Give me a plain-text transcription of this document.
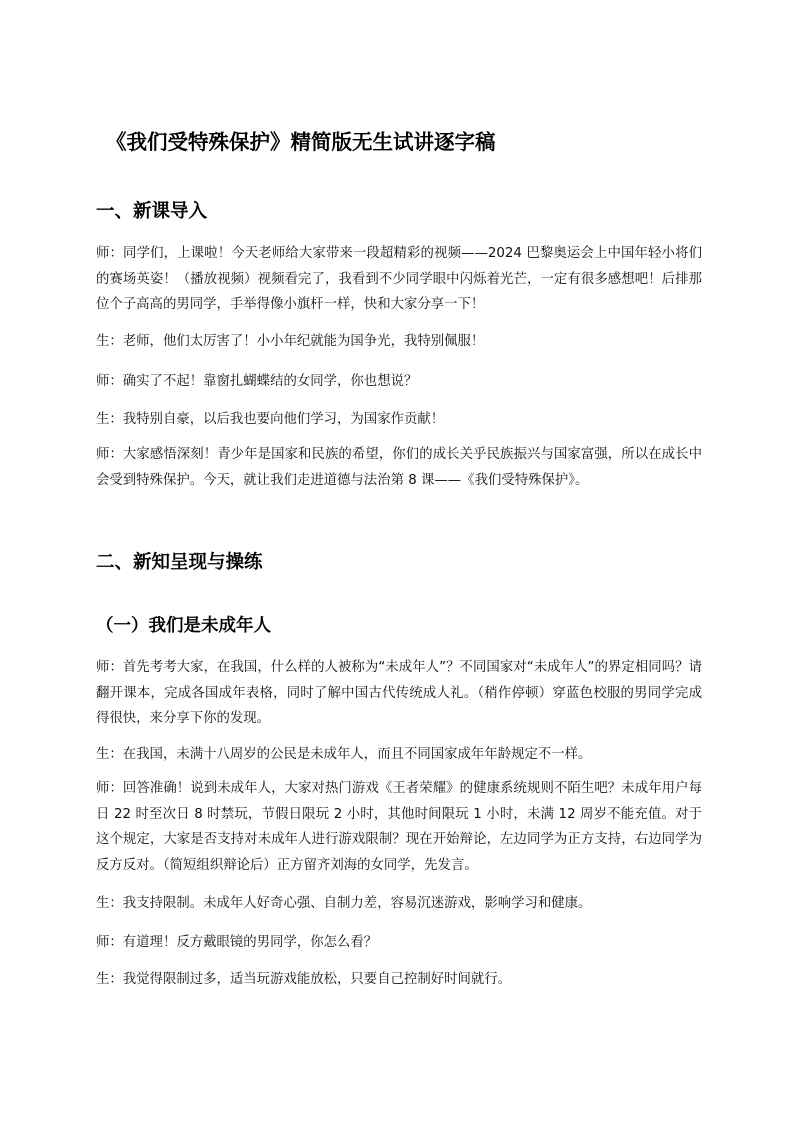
《我们受特殊保护》精简版无生试讲逐字稿
一、新课导入

师：同学们，上课啦！今天老师给大家带来一段超精彩的视频——2024 巴黎奥运会上中国年轻小将们的赛场英姿！（播放视频）视频看完了，我看到不少同学眼中闪烁着光芒，一定有很多感想吧！后排那位个子高高的男同学，手举得像小旗杆一样，快和大家分享一下！

生：老师，他们太厉害了！小小年纪就能为国争光，我特别佩服！

师：确实了不起！靠窗扎蝴蝶结的女同学，你也想说？

生：我特别自豪，以后我也要向他们学习，为国家作贡献！

师：大家感悟深刻！青少年是国家和民族的希望，你们的成长关乎民族振兴与国家富强，所以在成长中会受到特殊保护。今天，就让我们走进道德与法治第 8 课——《我们受特殊保护》。

二、新知呈现与操练
（一）我们是未成年人

师：首先考考大家，在我国，什么样的人被称为“未成年人”？不同国家对“未成年人”的界定相同吗？请翻开课本，完成各国成年表格，同时了解中国古代传统成人礼。（稍作停顿）穿蓝色校服的男同学完成得很快，来分享下你的发现。

生：在我国，未满十八周岁的公民是未成年人，而且不同国家成年年龄规定不一样。

师：回答准确！说到未成年人，大家对热门游戏《王者荣耀》的健康系统规则不陌生吧？未成年用户每日 22 时至次日 8 时禁玩，节假日限玩 2 小时，其他时间限玩 1 小时，未满 12 周岁不能充值。对于这个规定，大家是否支持对未成年人进行游戏限制？现在开始辩论，左边同学为正方支持，右边同学为反方反对。（简短组织辩论后）正方留齐刘海的女同学，先发言。

生：我支持限制。未成年人好奇心强、自制力差，容易沉迷游戏，影响学习和健康。

师：有道理！反方戴眼镜的男同学，你怎么看？

生：我觉得限制过多，适当玩游戏能放松，只要自己控制好时间就行。
